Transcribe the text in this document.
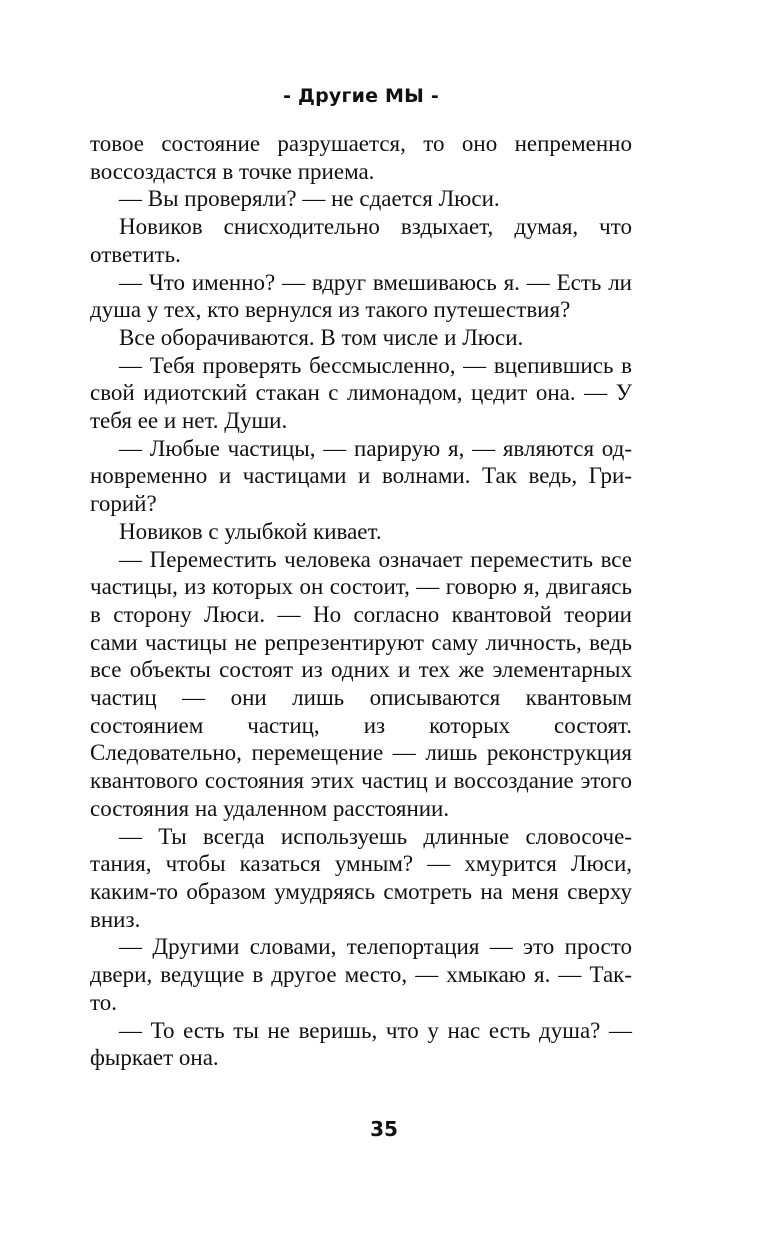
- Другие МЫ -

товое состояние разрушается, то оно непременно воссоздастся в точке приема.

— Вы проверяли? — не сдается Люси.

Новиков снисходительно вздыхает, думая, что ответить.

— Что именно? — вдруг вмешиваюсь я. — Есть ли душа у тех, кто вернулся из такого путешествия?

Все оборачиваются. В том числе и Люси.

— Тебя проверять бессмысленно, — вцепившись в свой идиотский стакан с лимонадом, цедит она. — У тебя ее и нет. Души.

— Любые частицы, — парирую я, — являются одновременно и частицами и волнами. Так ведь, Григорий?

Новиков с улыбкой кивает.

— Переместить человека означает переместить все частицы, из которых он состоит, — говорю я, двигаясь в сторону Люси. — Но согласно квантовой теории сами частицы не репрезентируют саму личность, ведь все объекты состоят из одних и тех же элементарных частиц — они лишь описываются квантовым состоянием частиц, из которых состоят. Следовательно, перемещение — лишь реконструкция квантового состояния этих частиц и воссоздание этого состояния на удаленном расстоянии.

— Ты всегда используешь длинные словосочетания, чтобы казаться умным? — хмурится Люси, каким-то образом умудряясь смотреть на меня сверху вниз.

— Другими словами, телепортация — это просто двери, ведущие в другое место, — хмыкаю я. — Так-то.

— То есть ты не веришь, что у нас есть душа? — фыркает она.

35
